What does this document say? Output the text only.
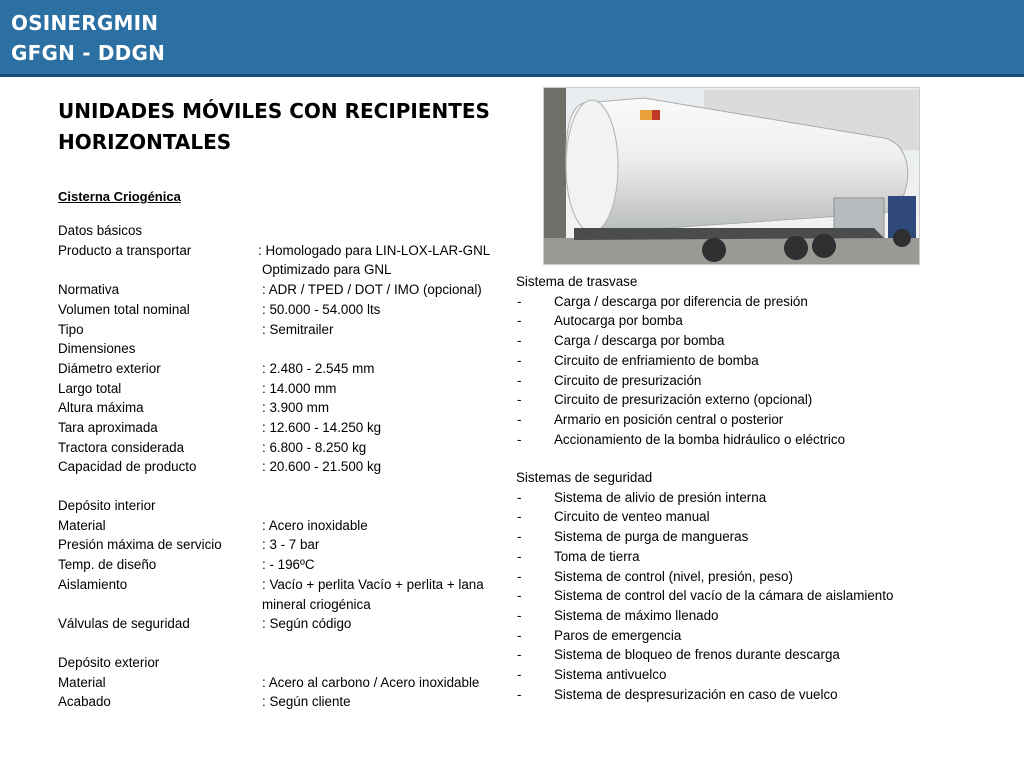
OSINERGMIN
GFGN - DDGN
UNIDADES MÓVILES CON RECIPIENTES HORIZONTALES
Cisterna Criogénica
Datos básicos
Producto a transportar	: Homologado para LIN-LOX-LAR-GNL
Optimizado para GNL
Normativa	: ADR / TPED / DOT / IMO (opcional)
Volumen total nominal	: 50.000 - 54.000 lts
Tipo	: Semitrailer
Dimensiones
Diámetro exterior	: 2.480 - 2.545 mm
Largo total	: 14.000 mm
Altura máxima	: 3.900 mm
Tara aproximada	: 12.600 - 14.250 kg
Tractora considerada	: 6.800 - 8.250 kg
Capacidad de producto	: 20.600 - 21.500 kg
Depósito interior
Material	: Acero inoxidable
Presión máxima de servicio	: 3 - 7 bar
Temp. de diseño	: - 196ºC
Aislamiento	: Vacío + perlita Vacío + perlita + lana
mineral criogénica
Válvulas de seguridad	: Según código
Depósito exterior
Material	: Acero al carbono / Acero inoxidable
Acabado	: Según cliente
Sistema de trasvase
- Carga / descarga por diferencia de presión
- Autocarga por bomba
- Carga / descarga por bomba
- Circuito de enfriamiento de bomba
- Circuito de presurización
- Circuito de presurización externo (opcional)
- Armario en posición central o posterior
- Accionamiento de la bomba hidráulico o eléctrico
Sistemas de seguridad
- Sistema de alivio de presión interna
- Circuito de venteo manual
- Sistema de purga de mangueras
- Toma de tierra
- Sistema de control (nivel, presión, peso)
- Sistema de control del vacío de la cámara de aislamiento
- Sistema de máximo llenado
- Paros de emergencia
- Sistema de bloqueo de frenos durante descarga
- Sistema antivuelco
- Sistema de despresurización en caso de vuelco
